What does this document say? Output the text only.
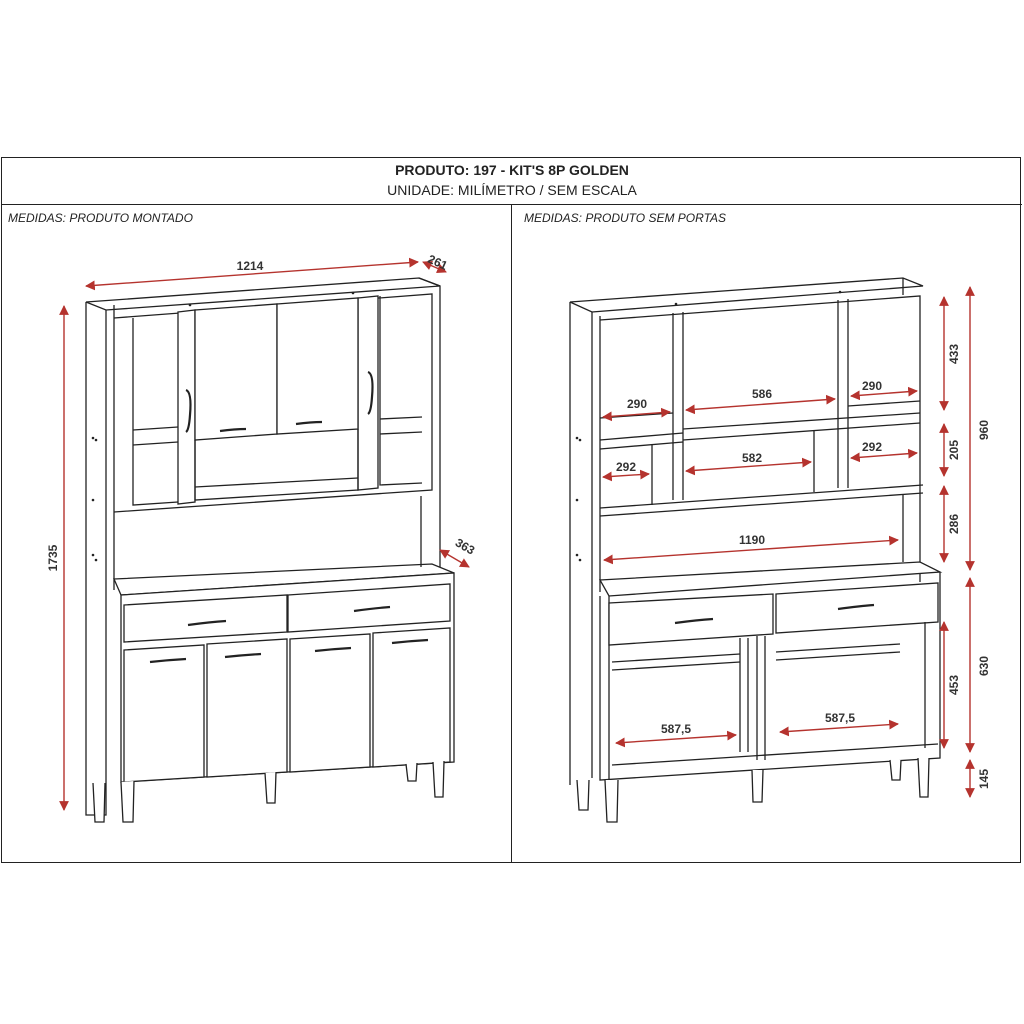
PRODUTO: 197 - KIT'S 8P GOLDEN
UNIDADE: MILÍMETRO / SEM ESCALA
MEDIDAS: PRODUTO MONTADO	MEDIDAS: PRODUTO SEM PORTAS
1214	261
1735	363
290
586
290
292
582
292
1190
587,5
587,5
433
205
286
960
453
630
145
